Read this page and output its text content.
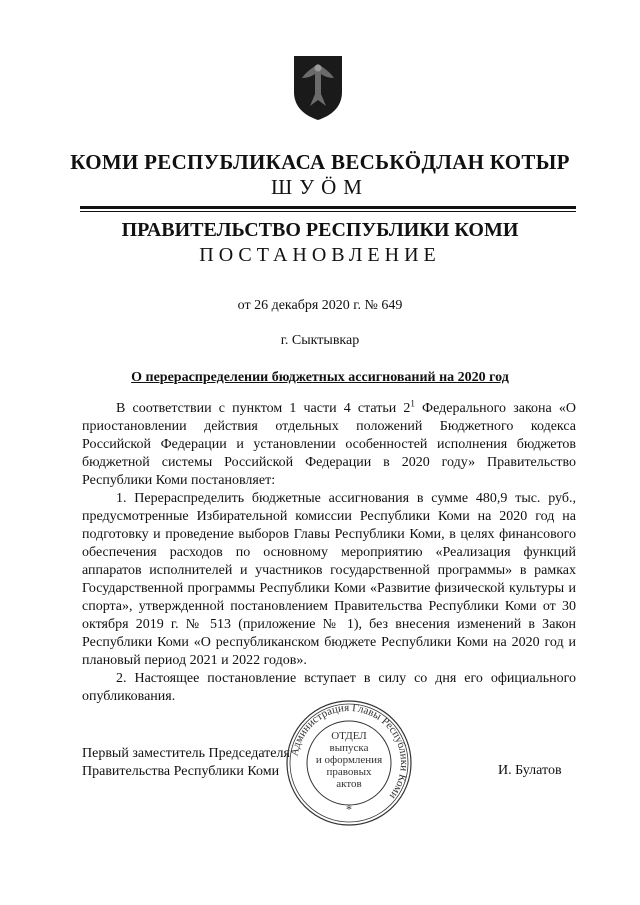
КОМИ РЕСПУБЛИКАСА ВЕСЬКӦДЛАН КОТЫР
ШУӦМ
ПРАВИТЕЛЬСТВО РЕСПУБЛИКИ КОМИ
ПОСТАНОВЛЕНИЕ
от 26 декабря 2020 г. № 649
г. Сыктывкар
О перераспределении бюджетных ассигнований на 2020 год

В соответствии с пунктом 1 части 4 статьи $2^1$ Федерального закона «О приостановлении действия отдельных положений Бюджетного кодекса Российской Федерации и установлении особенностей исполнения бюджетов бюджетной системы Российской Федерации в 2020 году» Правительство Республики Коми постановляет:

1. Перераспределить бюджетные ассигнования в сумме 480,9 тыс. руб., предусмотренные Избирательной комиссии Республики Коми на 2020 год на подготовку и проведение выборов Главы Республики Коми, в целях финансового обеспечения расходов по основному мероприятию «Реализация функций аппаратов исполнителей и участников государственной программы» в рамках Государственной программы Республики Коми «Развитие физической культуры и спорта», утвержденной постановлением Правительства Республики Коми от 30 октября 2019 г. № 513 (приложение № 1), без внесения изменений в Закон Республики Коми «О республиканском бюджете Республики Коми на 2020 год и плановый период 2021 и 2022 годов».

2. Настоящее постановление вступает в силу со дня его официального опубликования.

Первый заместитель Председателя
Правительства Республики Коми	И. Булатов
Администрация Главы Республики Коми
ОТДЕЛ
выпуска
и оформления
правовых
актов
*
